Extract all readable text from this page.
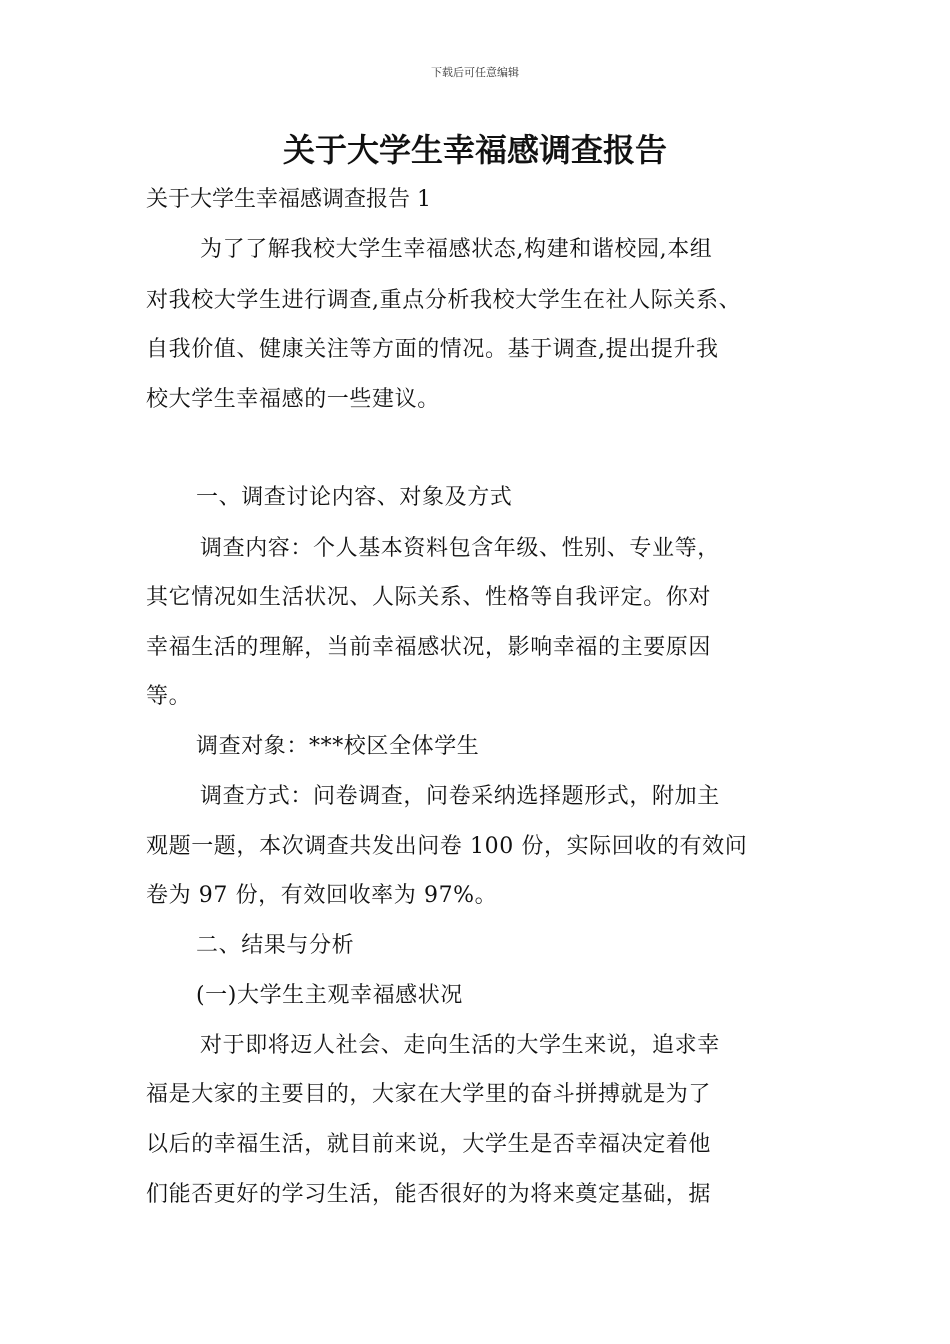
下载后可任意编辑
关于大学生幸福感调查报告
关于大学生幸福感调查报告 1
为了了解我校大学生幸福感状态,构建和谐校园,本组
对我校大学生进行调查,重点分析我校大学生在社人际关系、
自我价值、健康关注等方面的情况。基于调查,提出提升我
校大学生幸福感的一些建议。
一、调查讨论内容、对象及方式
调查内容：个人基本资料包含年级、性别、专业等，
其它情况如生活状况、人际关系、性格等自我评定。你对
幸福生活的理解，当前幸福感状况，影响幸福的主要原因
等。
调查对象：***校区全体学生
调查方式：问卷调查，问卷采纳选择题形式，附加主
观题一题，本次调查共发出问卷 100 份，实际回收的有效问
卷为 97 份，有效回收率为 97%。
二、结果与分析
(一)大学生主观幸福感状况
对于即将迈人社会、走向生活的大学生来说，追求幸
福是大家的主要目的，大家在大学里的奋斗拼搏就是为了
以后的幸福生活，就目前来说，大学生是否幸福决定着他
们能否更好的学习生活，能否很好的为将来奠定基础，据
